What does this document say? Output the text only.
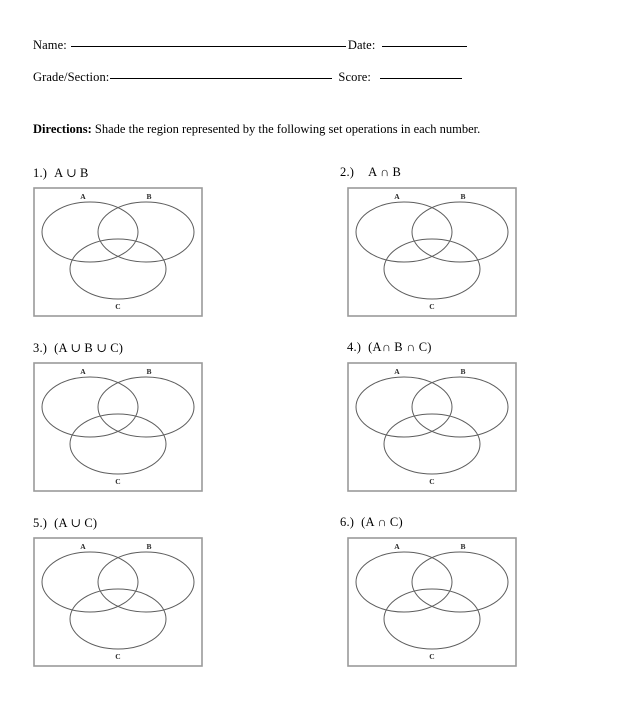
Name:	Date:
Grade/Section:	Score:
Directions: Shade the region represented by the following set operations in each number.
1.) A ∪ B
A	B
C
2.) A ∩ B
A	B
C
3.) (A ∪ B ∪ C)
A	B
C
4.) (A∩ B ∩ C)
A	B
C
5.) (A ∪ C)
A	B
C
6.) (A ∩ C)
A	B
C
